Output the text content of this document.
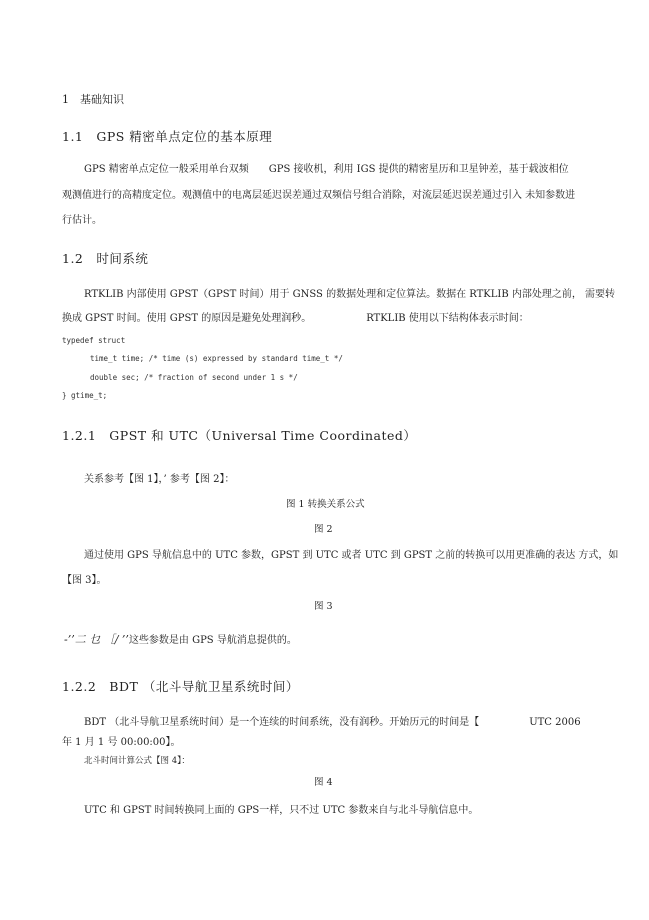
1　基础知识
1.1　GPS 精密单点定位的基本原理
GPS 精密单点定位一般采用单台双频　　GPS 接收机，利用 IGS 提供的精密星历和卫星钟差，基于载波相位
观测值进行的高精度定位。观测值中的电离层延迟误差通过双频信号组合消除，对流层延迟误差通过引入 未知参数进
行估计。
1.2　时间系统
RTKLIB 内部使用 GPST（GPST 时间）用于 GNSS 的数据处理和定位算法。数据在 RTKLIB 内部处理之前， 需要转
换成 GPST 时间。使用 GPST 的原因是避免处理润秒。　　　　　　RTKLIB 使用以下结构体表示时间：
typedef struct
time_t time; /* time (s) expressed by standard time_t */
double sec; /* fraction of second under 1 s */
} gtime_t;
1.2.1　GPST 和 UTC（Universal Time Coordinated）
关系参考【图 1】，’ 参考【图 2】：
图 1 转换关系公式
图 2
通过使用 GPS 导航信息中的 UTC 参数，GPST 到 UTC 或者 UTC 到 GPST 之前的转换可以用更准确的表达 方式，如
【图 3】。
图 3
-’’二 乜 ［/ ’’这些参数是由 GPS 导航消息提供的。
1.2.2　BDT （北斗导航卫星系统时间）
BDT （北斗导航卫星系统时间）是一个连续的时间系统，没有润秒。开始历元的时间是【　　　　　UTC 2006
年 1 月 1 号 00:00:00】。
北斗时间计算公式【图 4】：
图 4
UTC 和 GPST 时间转换同上面的 GPS一样，只不过 UTC 参数来自与北斗导航信息中。
